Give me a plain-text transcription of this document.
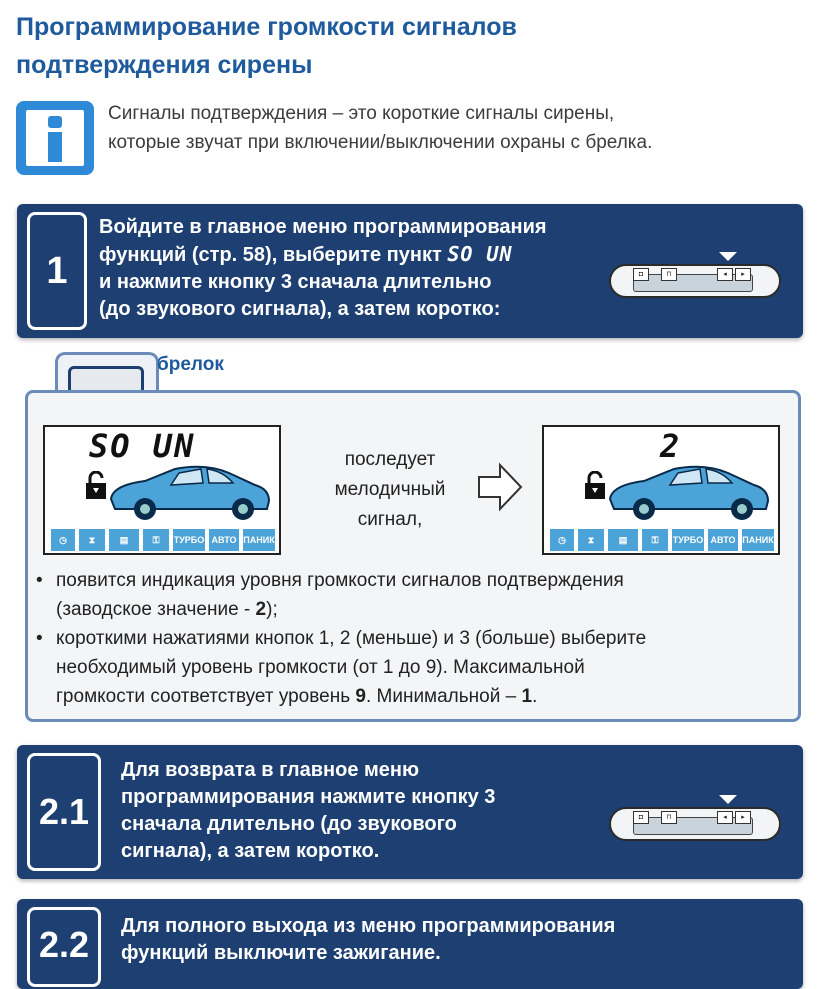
Программирование громкости сигналов
подтверждения сирены
Сигналы подтверждения – это короткие сигналы сирены,
которые звучат при включении/выключении охраны с брелка.
1
Войдите в главное меню программирования
функций (стр. 58), выберите пункт SO UN
и нажмите кнопку 3 сначала длительно
(до звукового сигнала), а затем коротко:
◘	⊓	◂	▸
брелок
SO UN
◷	⧗	▤	⚿	ТУРБО АВТО ПАНИК
последует
мелодичный
сигнал,
2
◷	⧗	▤	⚿	ТУРБО АВТО ПАНИК
• появится индикация уровня громкости сигналов подтверждения
(заводское значение - 2);
• короткими нажатиями кнопок 1, 2 (меньше) и 3 (больше) выберите
необходимый уровень громкости (от 1 до 9). Максимальной
громкости соответствует уровень 9. Минимальной – 1.
2.1
Для возврата в главное меню
программирования нажмите кнопку 3
сначала длительно (до звукового
сигнала), а затем коротко.
◘	⊓	◂	▸
2.2	Для полного выхода из меню программирования
функций выключите зажигание.
